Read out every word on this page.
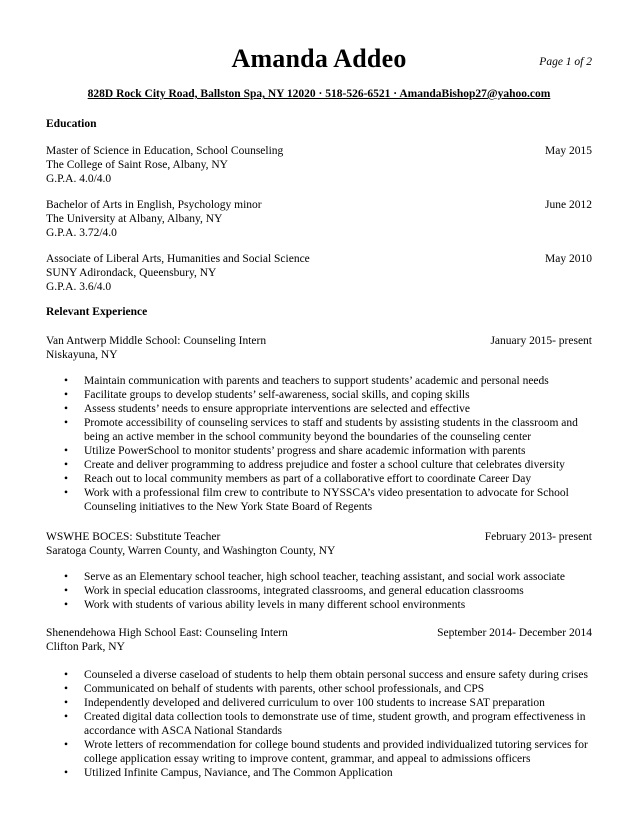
Amanda Addeo	Page 1 of 2
828D Rock City Road, Ballston Spa, NY 12020 · 518-526-6521 · AmandaBishop27@yahoo.com
Education
Master of Science in Education, School Counseling	May 2015
The College of Saint Rose, Albany, NY
G.P.A. 4.0/4.0
Bachelor of Arts in English, Psychology minor	June 2012
The University at Albany, Albany, NY
G.P.A. 3.72/4.0
Associate of Liberal Arts, Humanities and Social Science	May 2010
SUNY Adirondack, Queensbury, NY
G.P.A. 3.6/4.0
Relevant Experience
Van Antwerp Middle School: Counseling Intern	January 2015- present
Niskayuna, NY
• Maintain communication with parents and teachers to support students’ academic and personal needs
• Facilitate groups to develop students’ self-awareness, social skills, and coping skills
• Assess students’ needs to ensure appropriate interventions are selected and effective
• Promote accessibility of counseling services to staff and students by assisting students in the classroom and being an active member in the school community beyond the boundaries of the counseling center
• Utilize PowerSchool to monitor students’ progress and share academic information with parents
• Create and deliver programming to address prejudice and foster a school culture that celebrates diversity
• Reach out to local community members as part of a collaborative effort to coordinate Career Day
• Work with a professional film crew to contribute to NYSSCA’s video presentation to advocate for School Counseling initiatives to the New York State Board of Regents
WSWHE BOCES: Substitute Teacher	February 2013- present
Saratoga County, Warren County, and Washington County, NY
• Serve as an Elementary school teacher, high school teacher, teaching assistant, and social work associate
• Work in special education classrooms, integrated classrooms, and general education classrooms
• Work with students of various ability levels in many different school environments
Shenendehowa High School East: Counseling Intern	September 2014- December 2014
Clifton Park, NY
• Counseled a diverse caseload of students to help them obtain personal success and ensure safety during crises
• Communicated on behalf of students with parents, other school professionals, and CPS
• Independently developed and delivered curriculum to over 100 students to increase SAT preparation
• Created digital data collection tools to demonstrate use of time, student growth, and program effectiveness in accordance with ASCA National Standards
• Wrote letters of recommendation for college bound students and provided individualized tutoring services for college application essay writing to improve content, grammar, and appeal to admissions officers
• Utilized Infinite Campus, Naviance, and The Common Application
